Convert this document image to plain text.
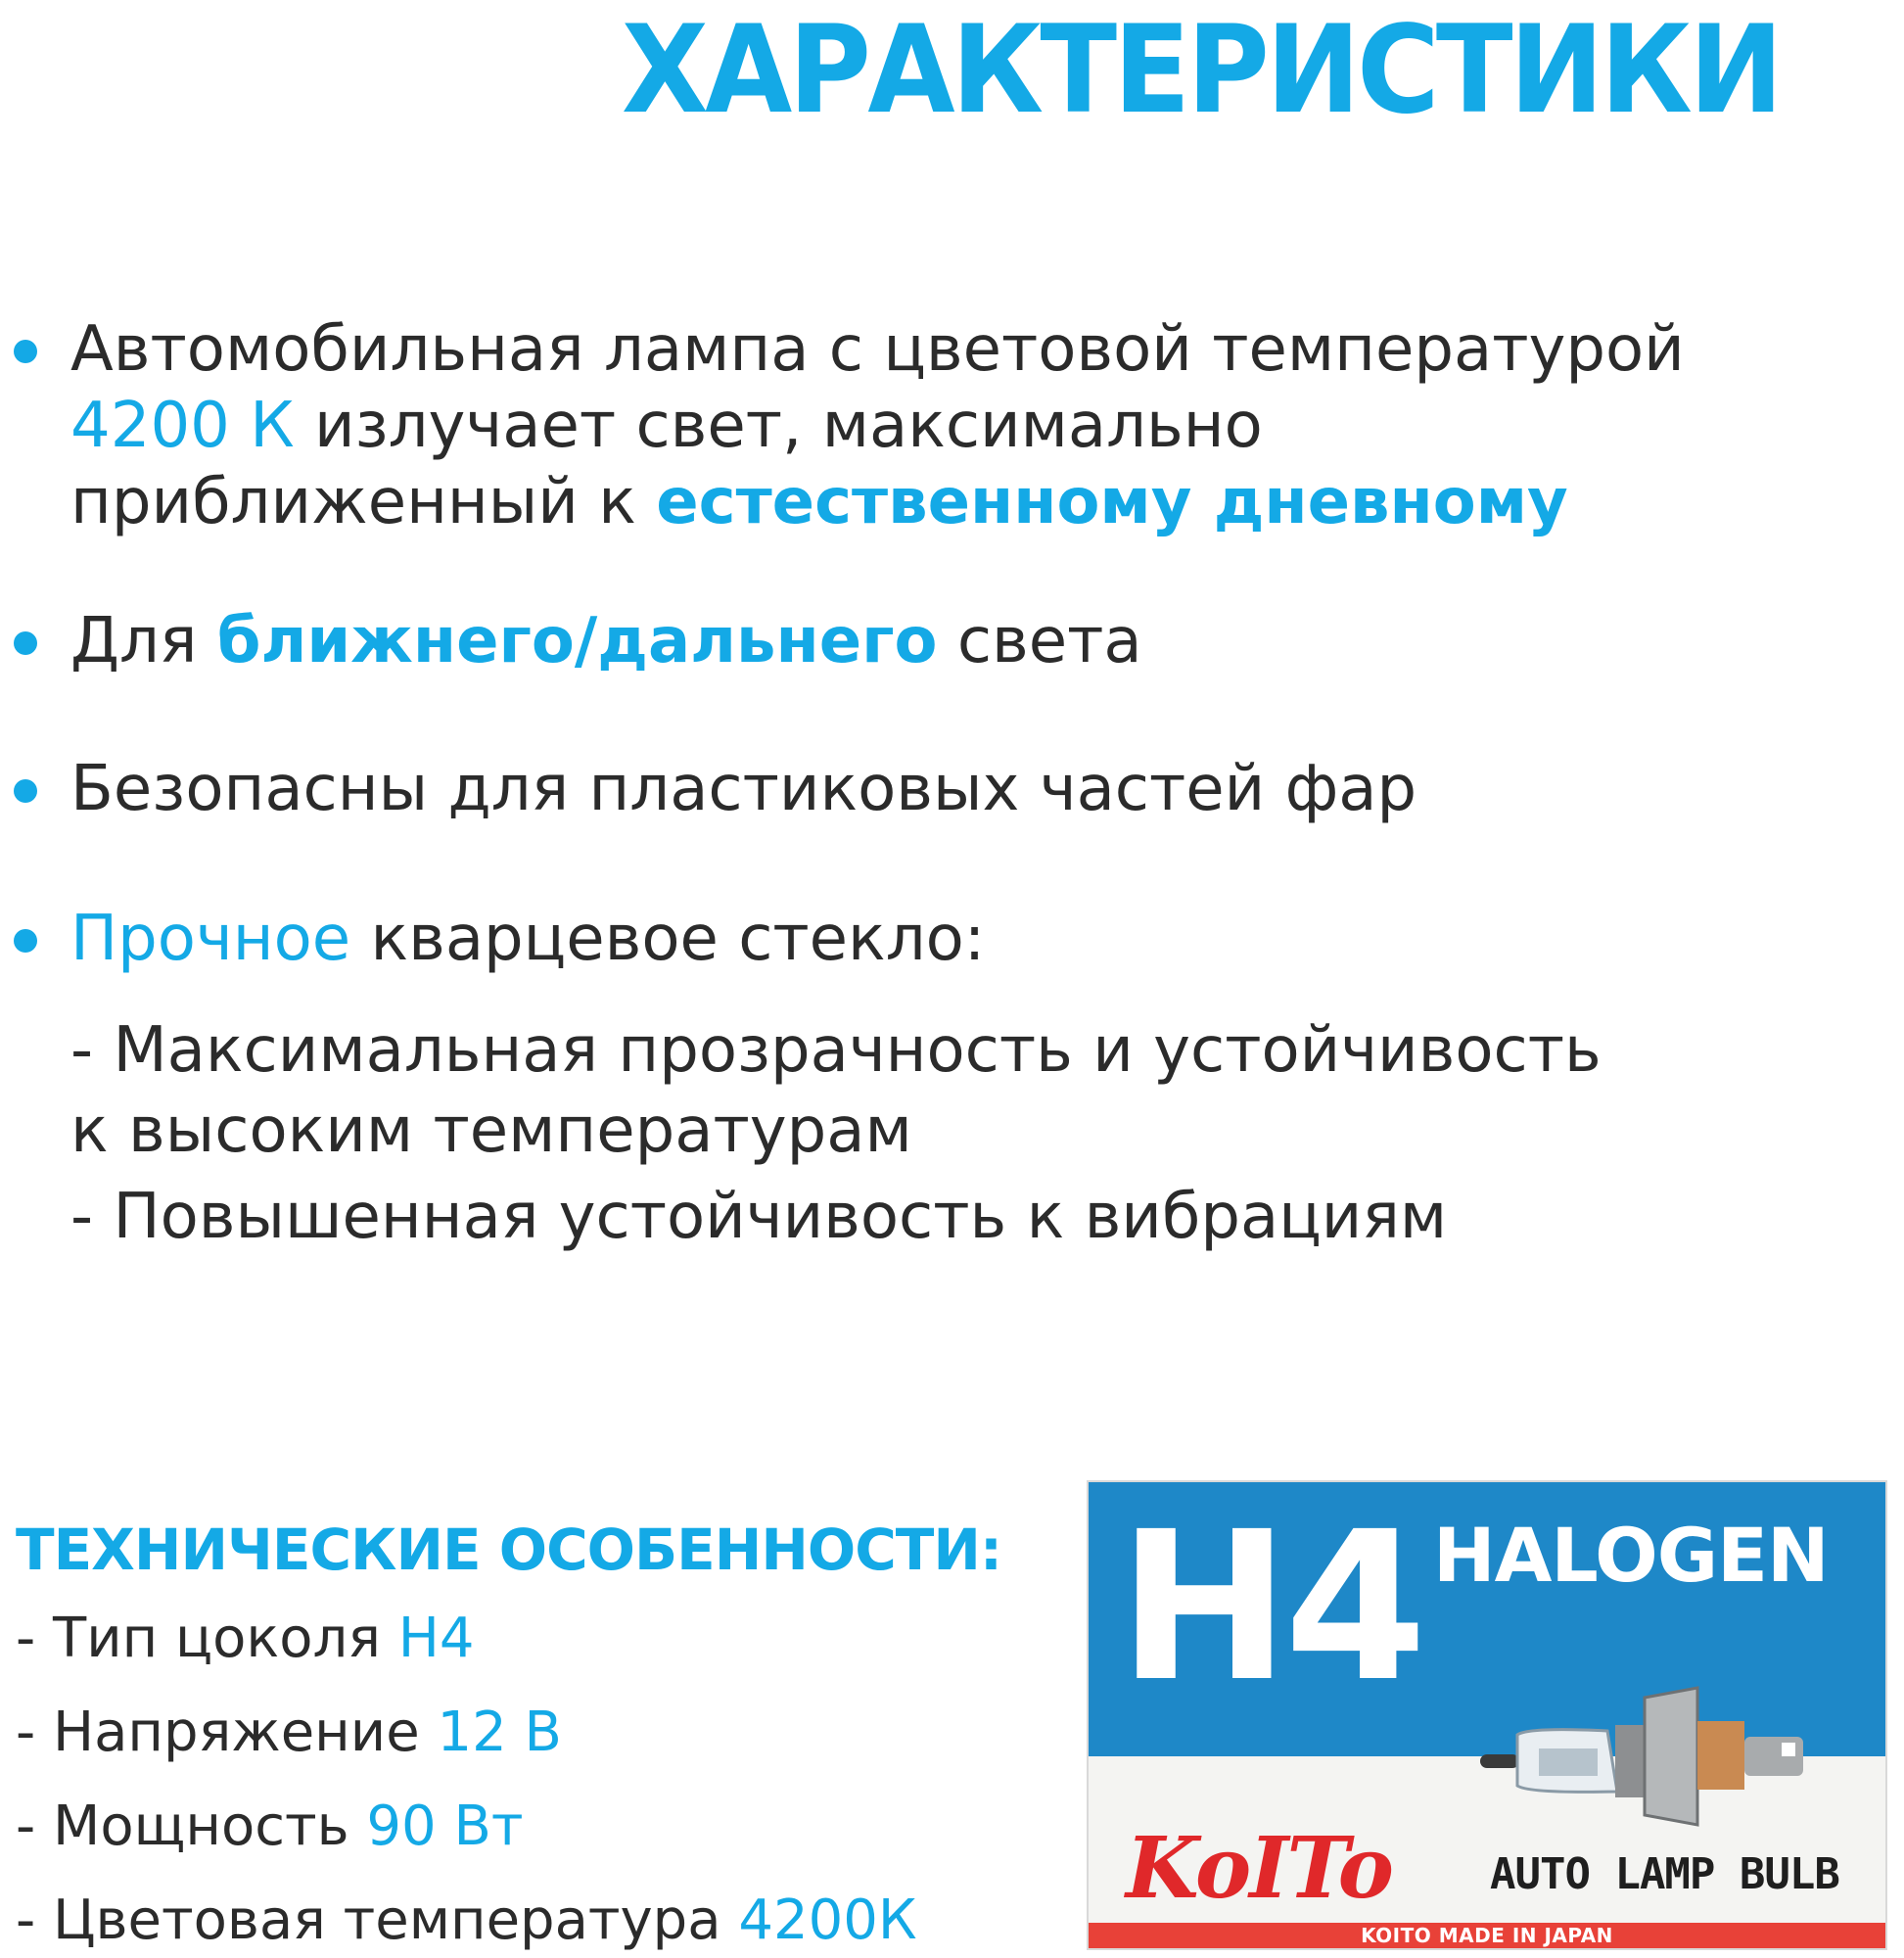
ХАРАКТЕРИСТИКИ
Автомобильная лампа с цветовой температурой
4200 К излучает свет, максимально
приближенный к естественному дневному
Для ближнего/дальнего света
Безопасны для пластиковых частей фар
Прочное кварцевое стекло:
- Максимальная прозрачность и устойчивость
к высоким температурам
- Повышенная устойчивость к вибрациям
ТЕХНИЧЕСКИЕ ОСОБЕННОСТИ:
- Тип цоколя H4
- Напряжение 12 В
- Мощность 90 Вт
- Цветовая температура 4200К
H4 HALOGEN
KoITo AUTO LAMP BULB
KOITO MADE IN JAPAN
